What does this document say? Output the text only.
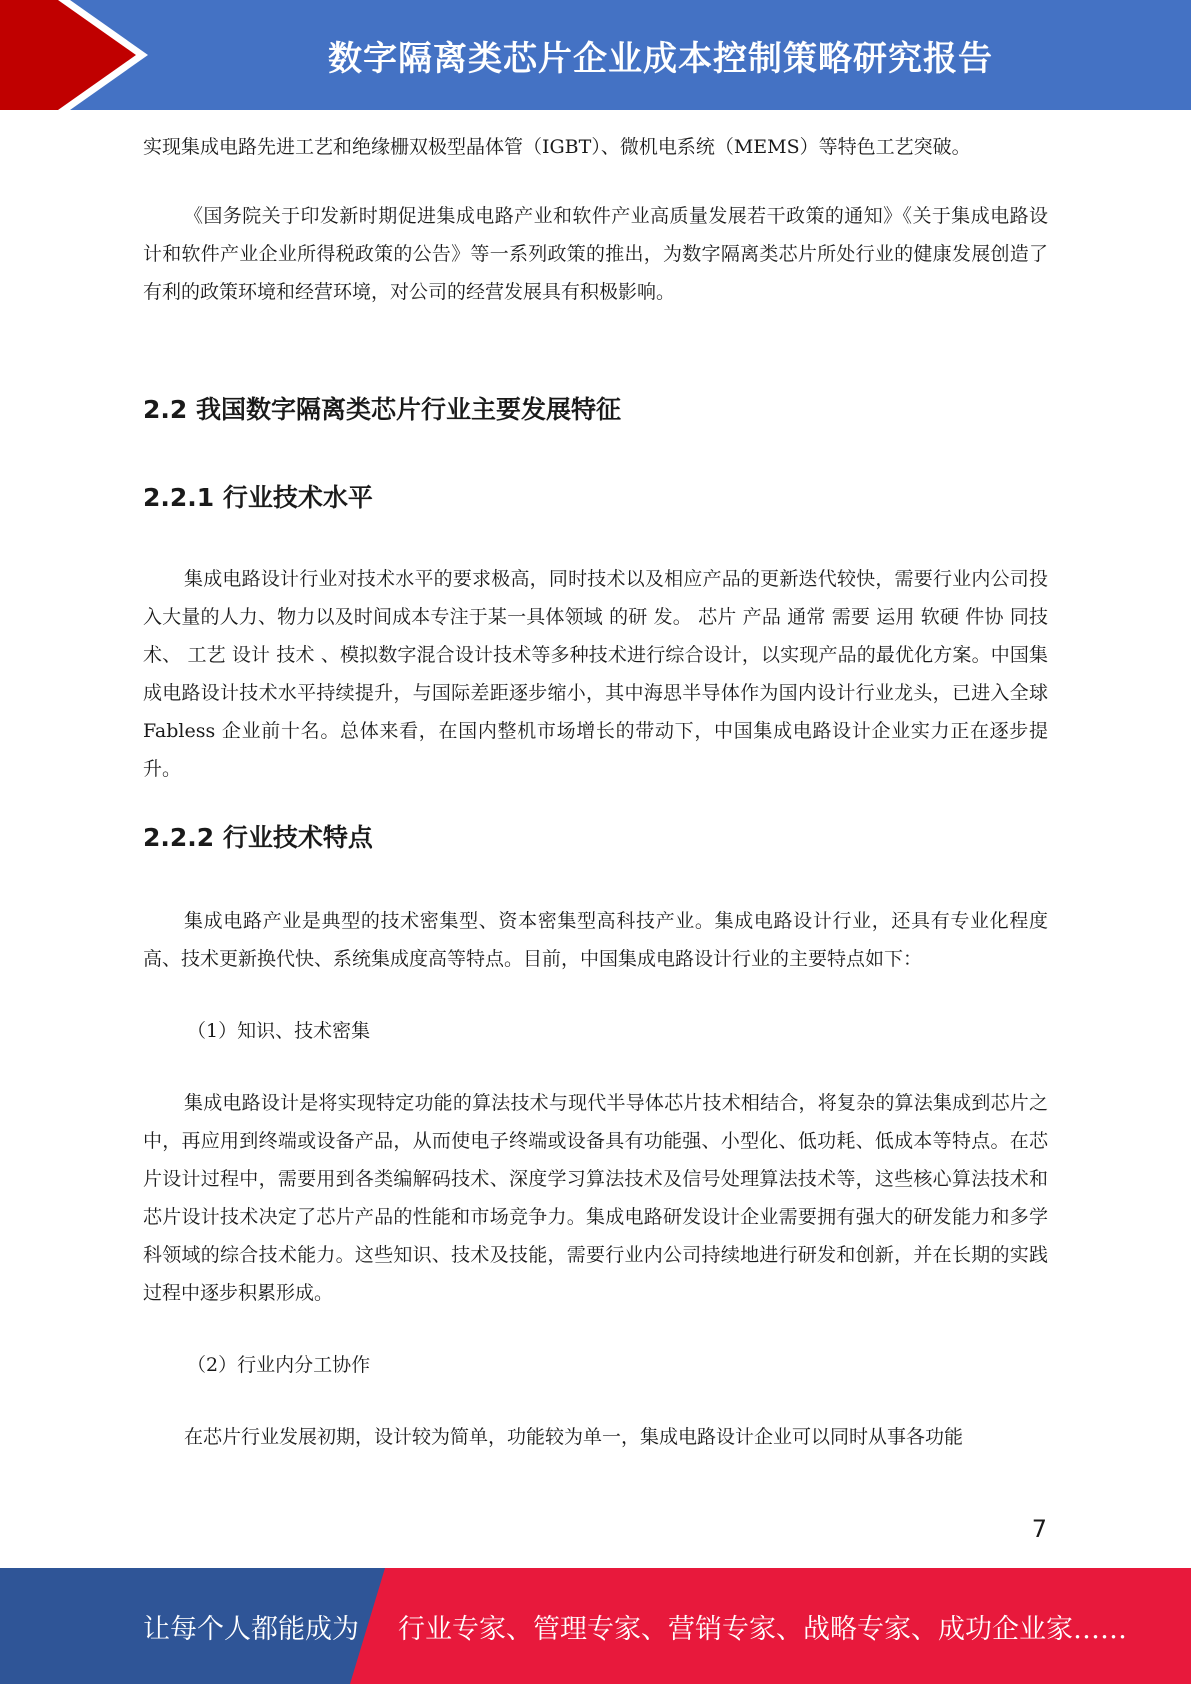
数字隔离类芯片企业成本控制策略研究报告

实现集成电路先进工艺和绝缘栅双极型晶体管（IGBT）、微机电系统（MEMS）等特色工艺突破。

《国务院关于印发新时期促进集成电路产业和软件产业高质量发展若干政策的通知》《关于集成电路设计和软件产业企业所得税政策的公告》等一系列政策的推出，为数字隔离类芯片所处行业的健康发展创造了有利的政策环境和经营环境，对公司的经营发展具有积极影响。

2.2 我国数字隔离类芯片行业主要发展特征
2.2.1 行业技术水平

集成电路设计行业对技术水平的要求极高，同时技术以及相应产品的更新迭代较快，需要行业内公司投入大量的人力、物力以及时间成本专注于某一具体领域 的研 发。 芯片 产品 通常 需要 运用 软硬 件协 同技 术、 工艺 设计 技术 、模拟数字混合设计技术等多种技术进行综合设计，以实现产品的最优化方案。中国集成电路设计技术水平持续提升，与国际差距逐步缩小，其中海思半导体作为国内设计行业龙头，已进入全球 Fabless 企业前十名。总体来看，在国内整机市场增长的带动下，中国集成电路设计企业实力正在逐步提升。

2.2.2 行业技术特点

集成电路产业是典型的技术密集型、资本密集型高科技产业。集成电路设计行业，还具有专业化程度高、技术更新换代快、系统集成度高等特点。目前，中国集成电路设计行业的主要特点如下：

（1）知识、技术密集

集成电路设计是将实现特定功能的算法技术与现代半导体芯片技术相结合，将复杂的算法集成到芯片之中，再应用到终端或设备产品，从而使电子终端或设备具有功能强、小型化、低功耗、低成本等特点。在芯片设计过程中，需要用到各类编解码技术、深度学习算法技术及信号处理算法技术等，这些核心算法技术和芯片设计技术决定了芯片产品的性能和市场竞争力。集成电路研发设计企业需要拥有强大的研发能力和多学科领域的综合技术能力。这些知识、技术及技能，需要行业内公司持续地进行研发和创新，并在长期的实践过程中逐步积累形成。

（2）行业内分工协作

在芯片行业发展初期，设计较为简单，功能较为单一，集成电路设计企业可以同时从事各功能

7
让每个人都能成为 行业专家、管理专家、营销专家、战略专家、成功企业家……
